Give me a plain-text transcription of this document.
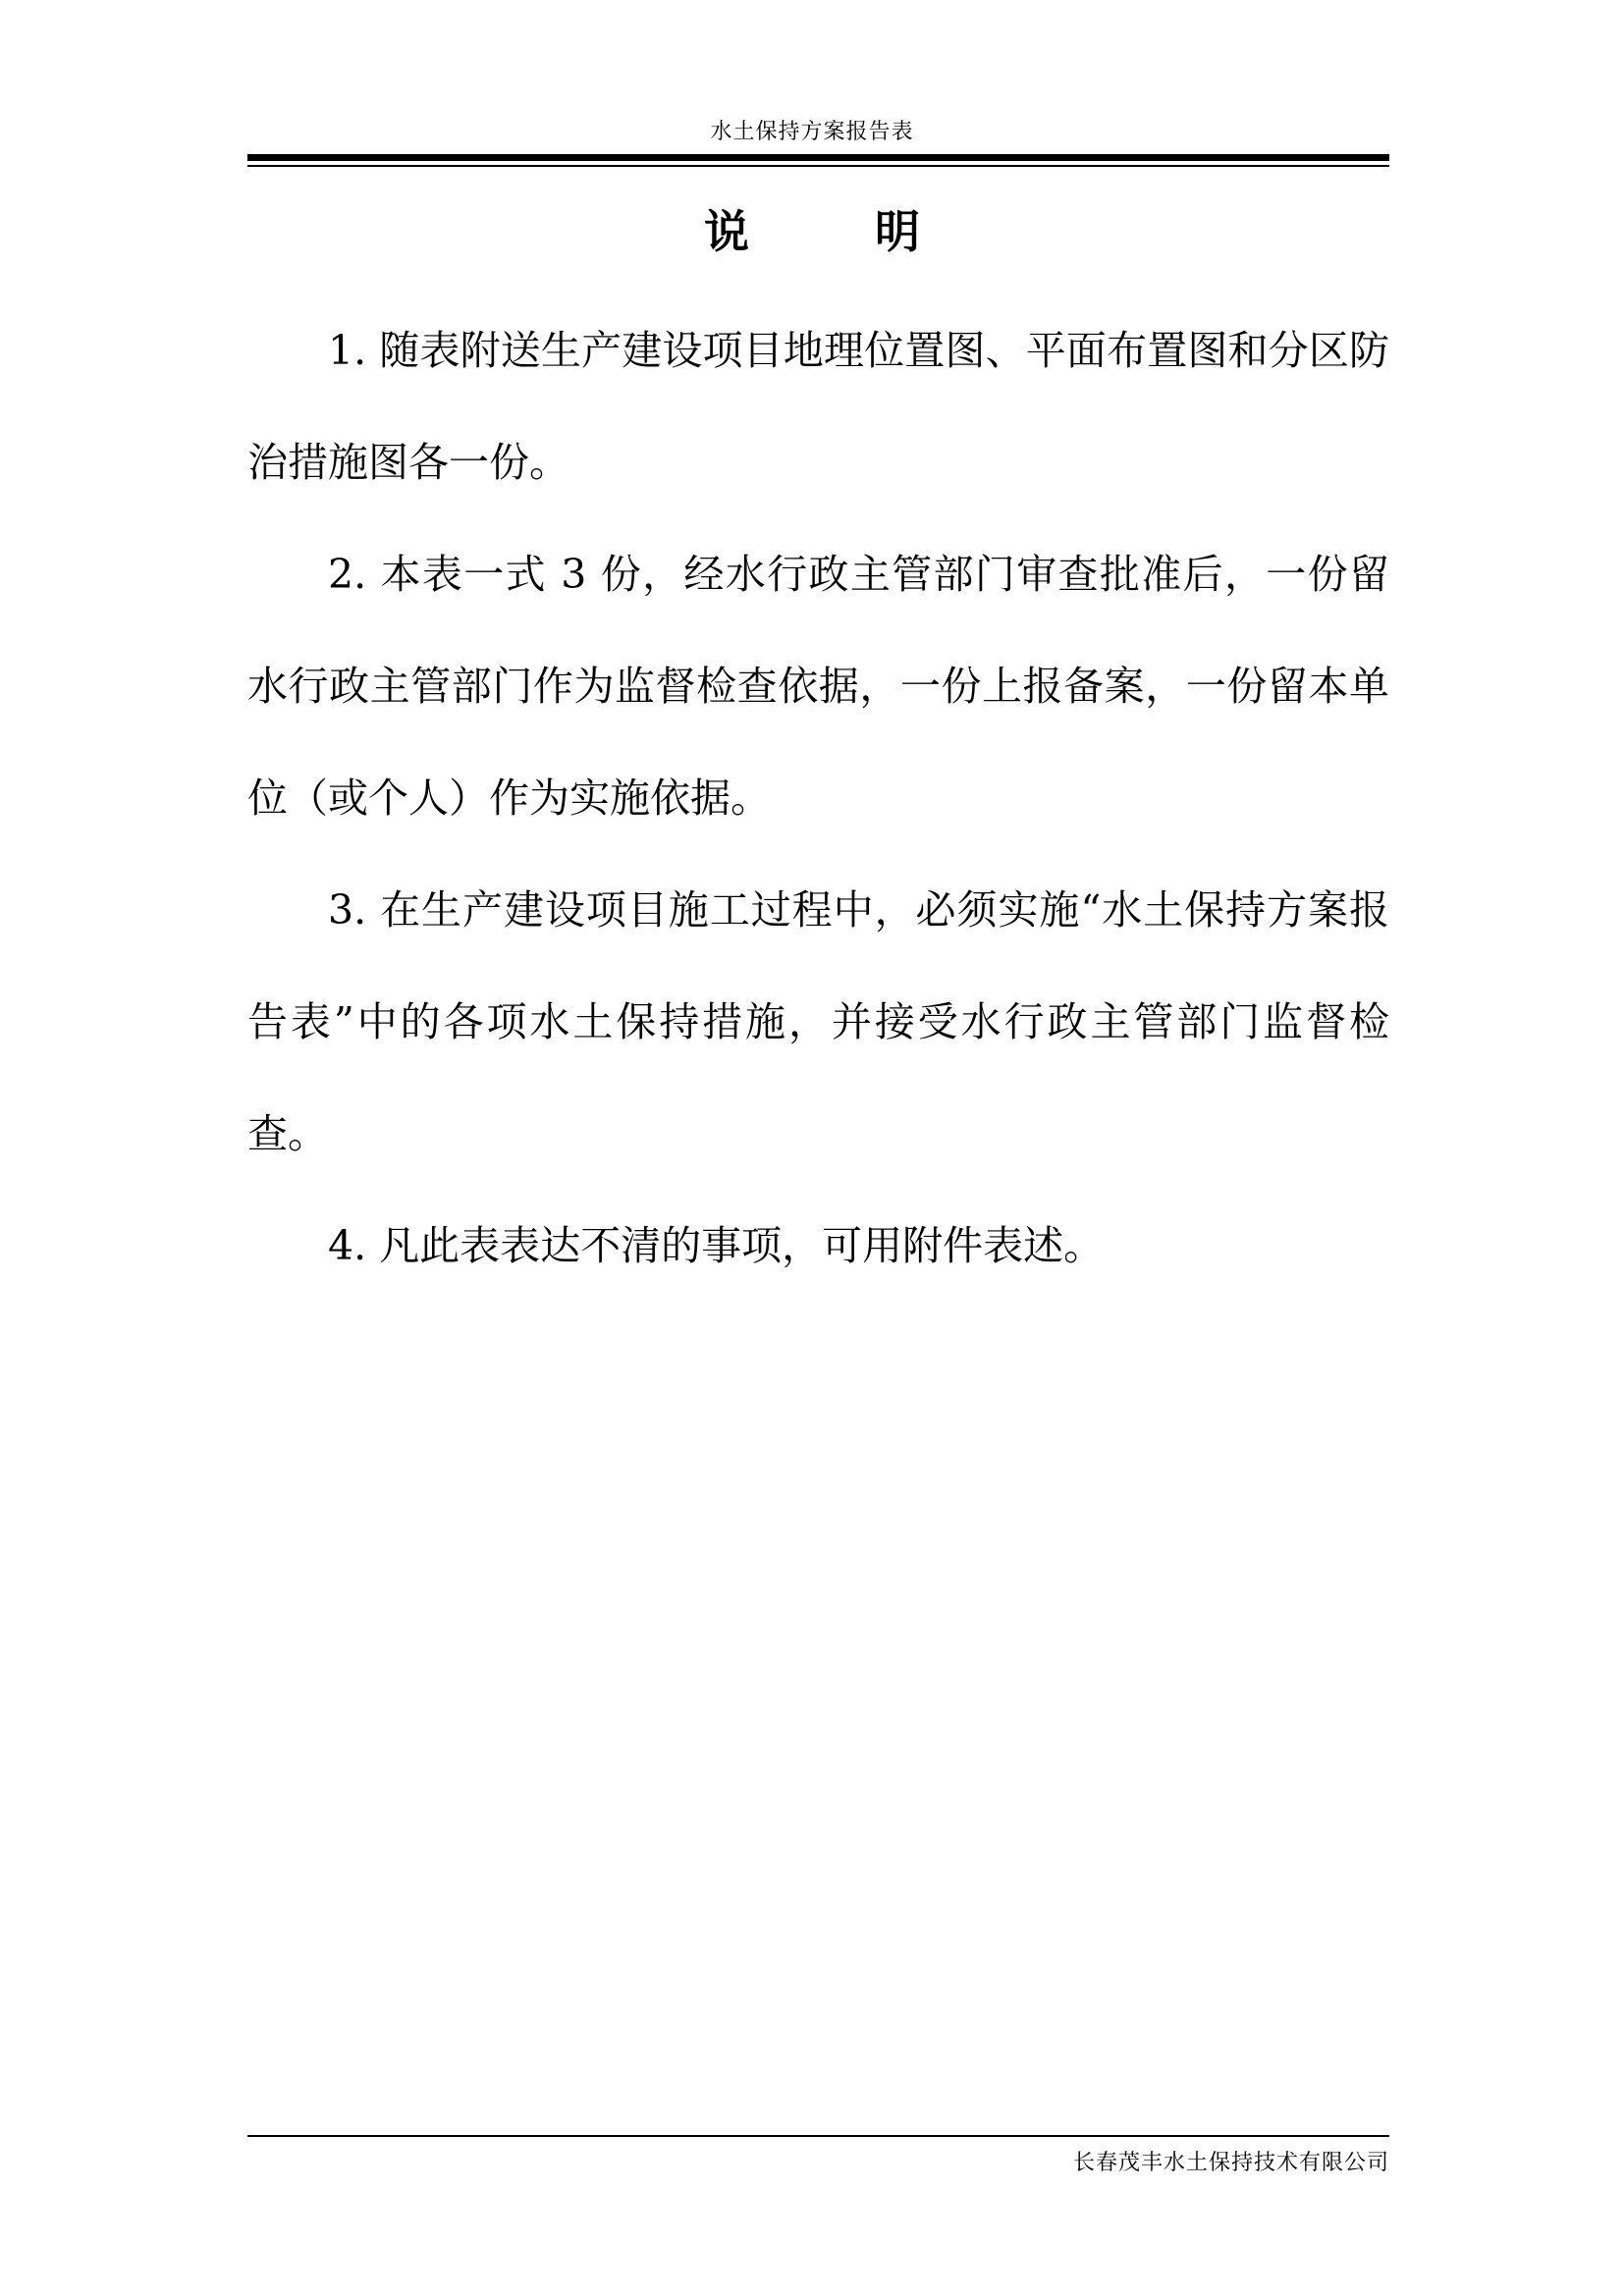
水土保持方案报告表
说        明

1. 随表附送生产建设项目地理位置图、平面布置图和分区防治措施图各一份。

2. 本表一式 3 份，经水行政主管部门审查批准后，一份留水行政主管部门作为监督检查依据，一份上报备案，一份留本单位（或个人）作为实施依据。

3. 在生产建设项目施工过程中，必须实施“水土保持方案报告表”中的各项水土保持措施，并接受水行政主管部门监督检查。

4. 凡此表表达不清的事项，可用附件表述。

长春茂丰水土保持技术有限公司
